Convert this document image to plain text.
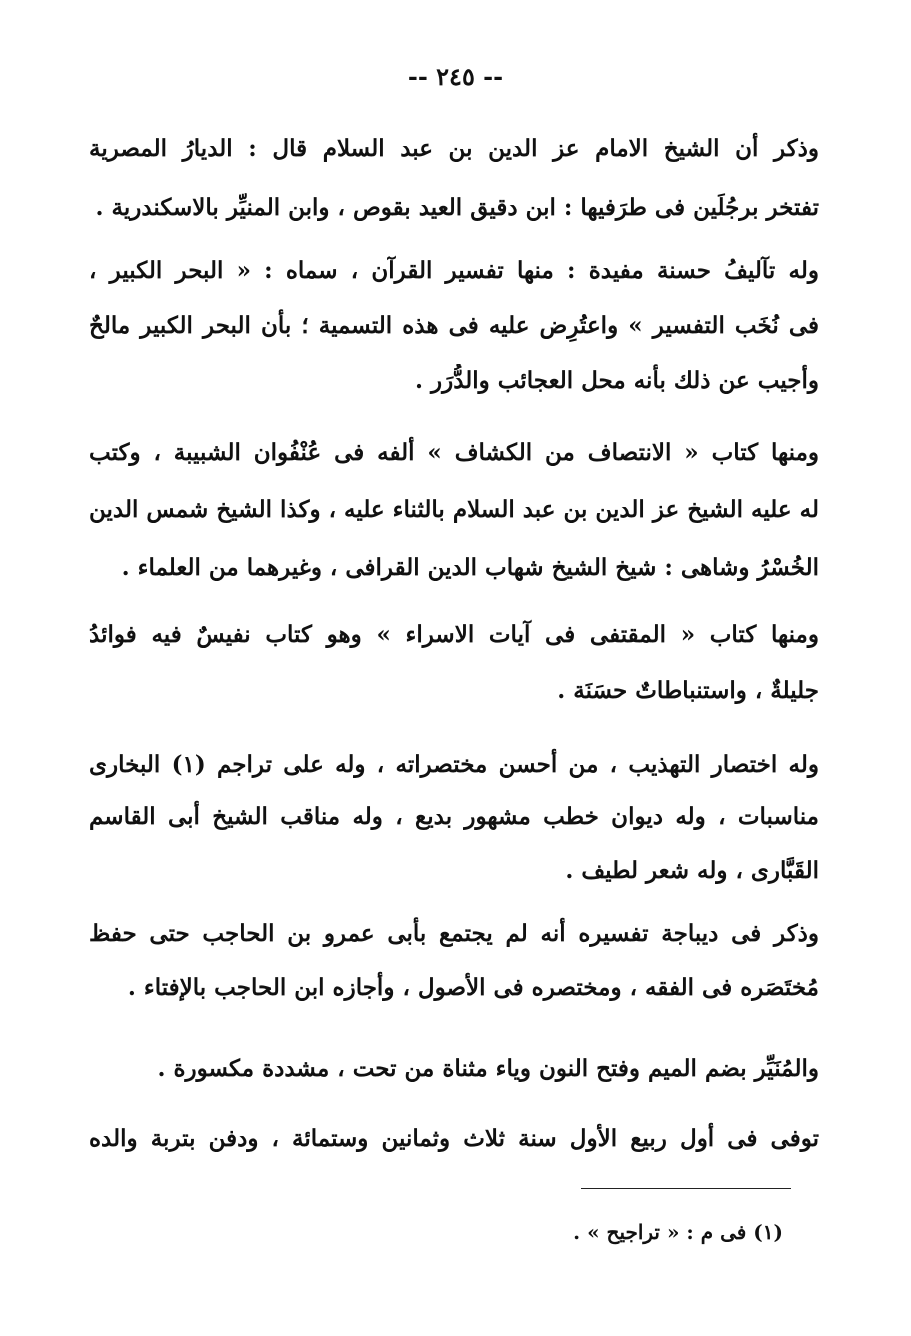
-- ٢٤٥ --
وذكر أن الشيخ الامام عز الدين بن عبد السلام قال : الديارُ المصرية
تفتخر برجُلَين فى طرَفيها : ابن دقيق العيد بقوص ، وابن المنيِّر بالاسكندرية .
وله تآليفُ حسنة مفيدة : منها تفسير القرآن ، سماه : « البحر الكبير ،
فى نُخَب التفسير » واعتُرِض عليه فى هذه التسمية ؛ بأن البحر الكبير مالحٌ
وأجيب عن ذلك بأنه محل العجائب والدُّرَر .
ومنها كتاب « الانتصاف من الكشاف » ألفه فى عُنْفُوان الشبيبة ، وكتب
له عليه الشيخ عز الدين بن عبد السلام بالثناء عليه ، وكذا الشيخ شمس الدين
الخُسْرُ وشاهى : شيخ الشيخ شهاب الدين القرافى ، وغيرهما من العلماء .
ومنها كتاب « المقتفى فى آيات الاسراء » وهو كتاب نفيسٌ فيه فوائدُ
جليلةٌ ، واستنباطاتٌ حسَنَة .
وله اختصار التهذيب ، من أحسن مختصراته ، وله على تراجم (١) البخارى
مناسبات ، وله ديوان خطب مشهور بديع ، وله مناقب الشيخ أبى القاسم
القَبَّارى ، وله شعر لطيف .
وذكر فى ديباجة تفسيره أنه لم يجتمع بأبى عمرو بن الحاجب حتى حفظ
مُختَصَره فى الفقه ، ومختصره فى الأصول ، وأجازه ابن الحاجب بالإفتاء .
والمُنَيِّر بضم الميم وفتح النون وياء مثناة من تحت ، مشددة مكسورة .
توفى فى أول ربيع الأول سنة ثلاث وثمانين وستمائة ، ودفن بتربة والده
(١) فى م : « تراجيح » .
